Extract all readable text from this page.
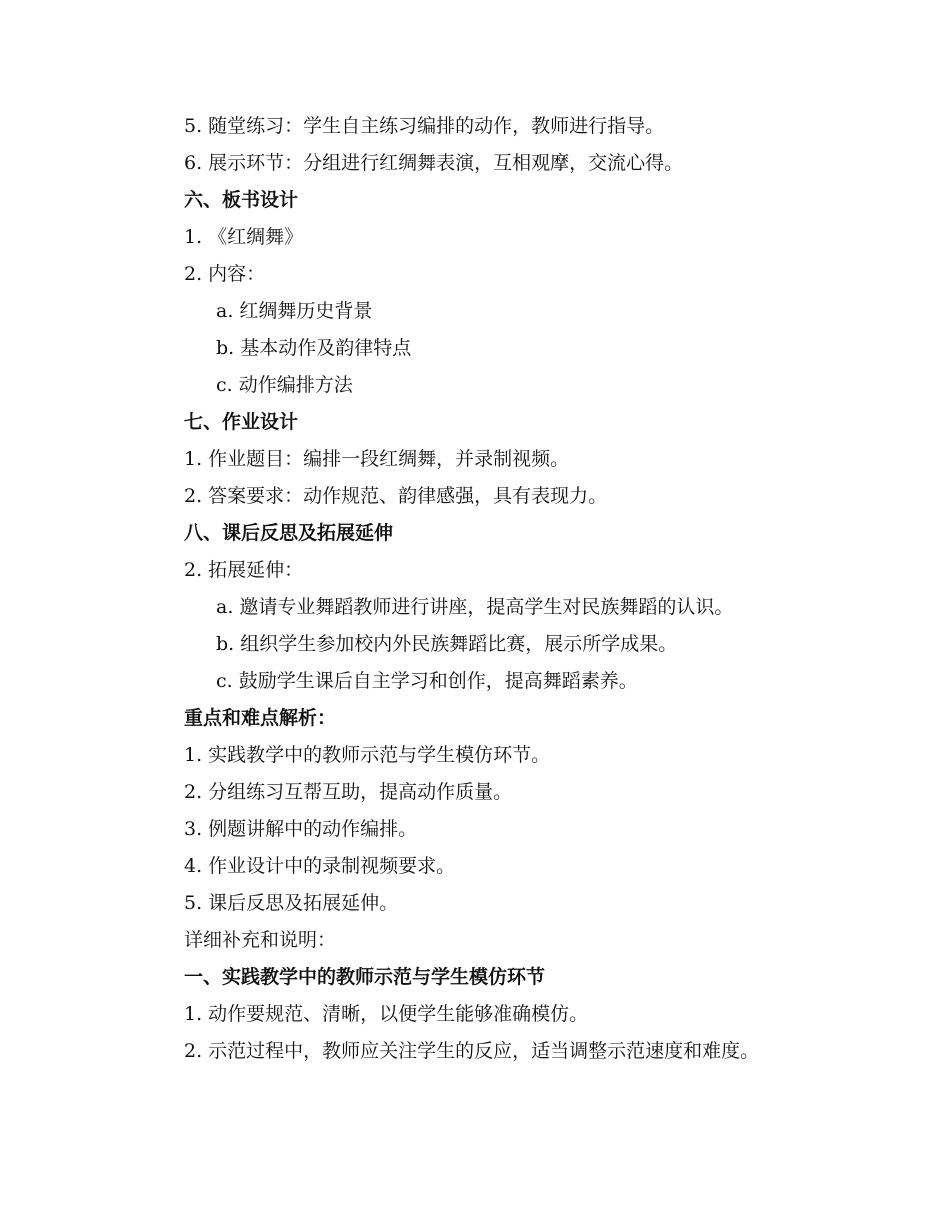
5. 随堂练习：学生自主练习编排的动作，教师进行指导。
6. 展示环节：分组进行红绸舞表演，互相观摩，交流心得。
六、板书设计
1. 《红绸舞》
2. 内容：
a. 红绸舞历史背景
b. 基本动作及韵律特点
c. 动作编排方法
七、作业设计
1. 作业题目：编排一段红绸舞，并录制视频。
2. 答案要求：动作规范、韵律感强，具有表现力。
八、课后反思及拓展延伸
2. 拓展延伸：
a. 邀请专业舞蹈教师进行讲座，提高学生对民族舞蹈的认识。
b. 组织学生参加校内外民族舞蹈比赛，展示所学成果。
c. 鼓励学生课后自主学习和创作，提高舞蹈素养。
重点和难点解析：
1. 实践教学中的教师示范与学生模仿环节。
2. 分组练习互帮互助，提高动作质量。
3. 例题讲解中的动作编排。
4. 作业设计中的录制视频要求。
5. 课后反思及拓展延伸。
详细补充和说明：
一、实践教学中的教师示范与学生模仿环节
1. 动作要规范、清晰，以便学生能够准确模仿。
2. 示范过程中，教师应关注学生的反应，适当调整示范速度和难度。
